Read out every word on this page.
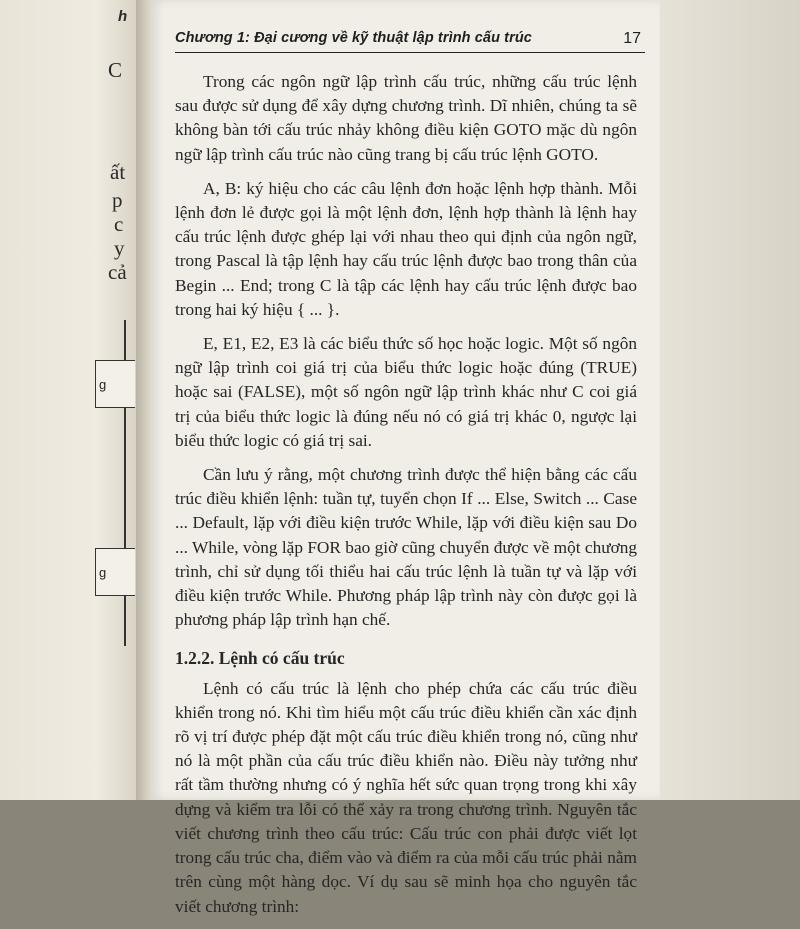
h
C
ất
p
c
y
cả
g
g
Chương 1: Đại cương về kỹ thuật lập trình cấu trúc	17

Trong các ngôn ngữ lập trình cấu trúc, những cấu trúc lệnh sau được sử dụng để xây dựng chương trình. Dĩ nhiên, chúng ta sẽ không bàn tới cấu trúc nhảy không điều kiện GOTO mặc dù ngôn ngữ lập trình cấu trúc nào cũng trang bị cấu trúc lệnh GOTO.

A, B: ký hiệu cho các câu lệnh đơn hoặc lệnh hợp thành. Mỗi lệnh đơn lẻ được gọi là một lệnh đơn, lệnh hợp thành là lệnh hay cấu trúc lệnh được ghép lại với nhau theo qui định của ngôn ngữ, trong Pascal là tập lệnh hay cấu trúc lệnh được bao trong thân của Begin ... End; trong C là tập các lệnh hay cấu trúc lệnh được bao trong hai ký hiệu { ... }.

E, E1, E2, E3 là các biểu thức số học hoặc logic. Một số ngôn ngữ lập trình coi giá trị của biểu thức logic hoặc đúng (TRUE) hoặc sai (FALSE), một số ngôn ngữ lập trình khác như C coi giá trị của biểu thức logic là đúng nếu nó có giá trị khác 0, ngược lại biểu thức logic có giá trị sai.

Cần lưu ý rằng, một chương trình được thể hiện bằng các cấu trúc điều khiển lệnh: tuần tự, tuyển chọn If ... Else, Switch ... Case ... Default, lặp với điều kiện trước While, lặp với điều kiện sau Do ... While, vòng lặp FOR bao giờ cũng chuyển được về một chương trình, chỉ sử dụng tối thiểu hai cấu trúc lệnh là tuần tự và lặp với điều kiện trước While. Phương pháp lập trình này còn được gọi là phương pháp lập trình hạn chế.

1.2.2. Lệnh có cấu trúc

Lệnh có cấu trúc là lệnh cho phép chứa các cấu trúc điều khiển trong nó. Khi tìm hiểu một cấu trúc điều khiển cần xác định rõ vị trí được phép đặt một cấu trúc điều khiển trong nó, cũng như nó là một phần của cấu trúc điều khiển nào. Điều này tưởng như rất tầm thường nhưng có ý nghĩa hết sức quan trọng trong khi xây dựng và kiểm tra lỗi có thể xảy ra trong chương trình. Nguyên tắc viết chương trình theo cấu trúc: Cấu trúc con phải được viết lọt trong cấu trúc cha, điểm vào và điểm ra của mỗi cấu trúc phải nằm trên cùng một hàng dọc. Ví dụ sau sẽ minh họa cho nguyên tắc viết chương trình:
